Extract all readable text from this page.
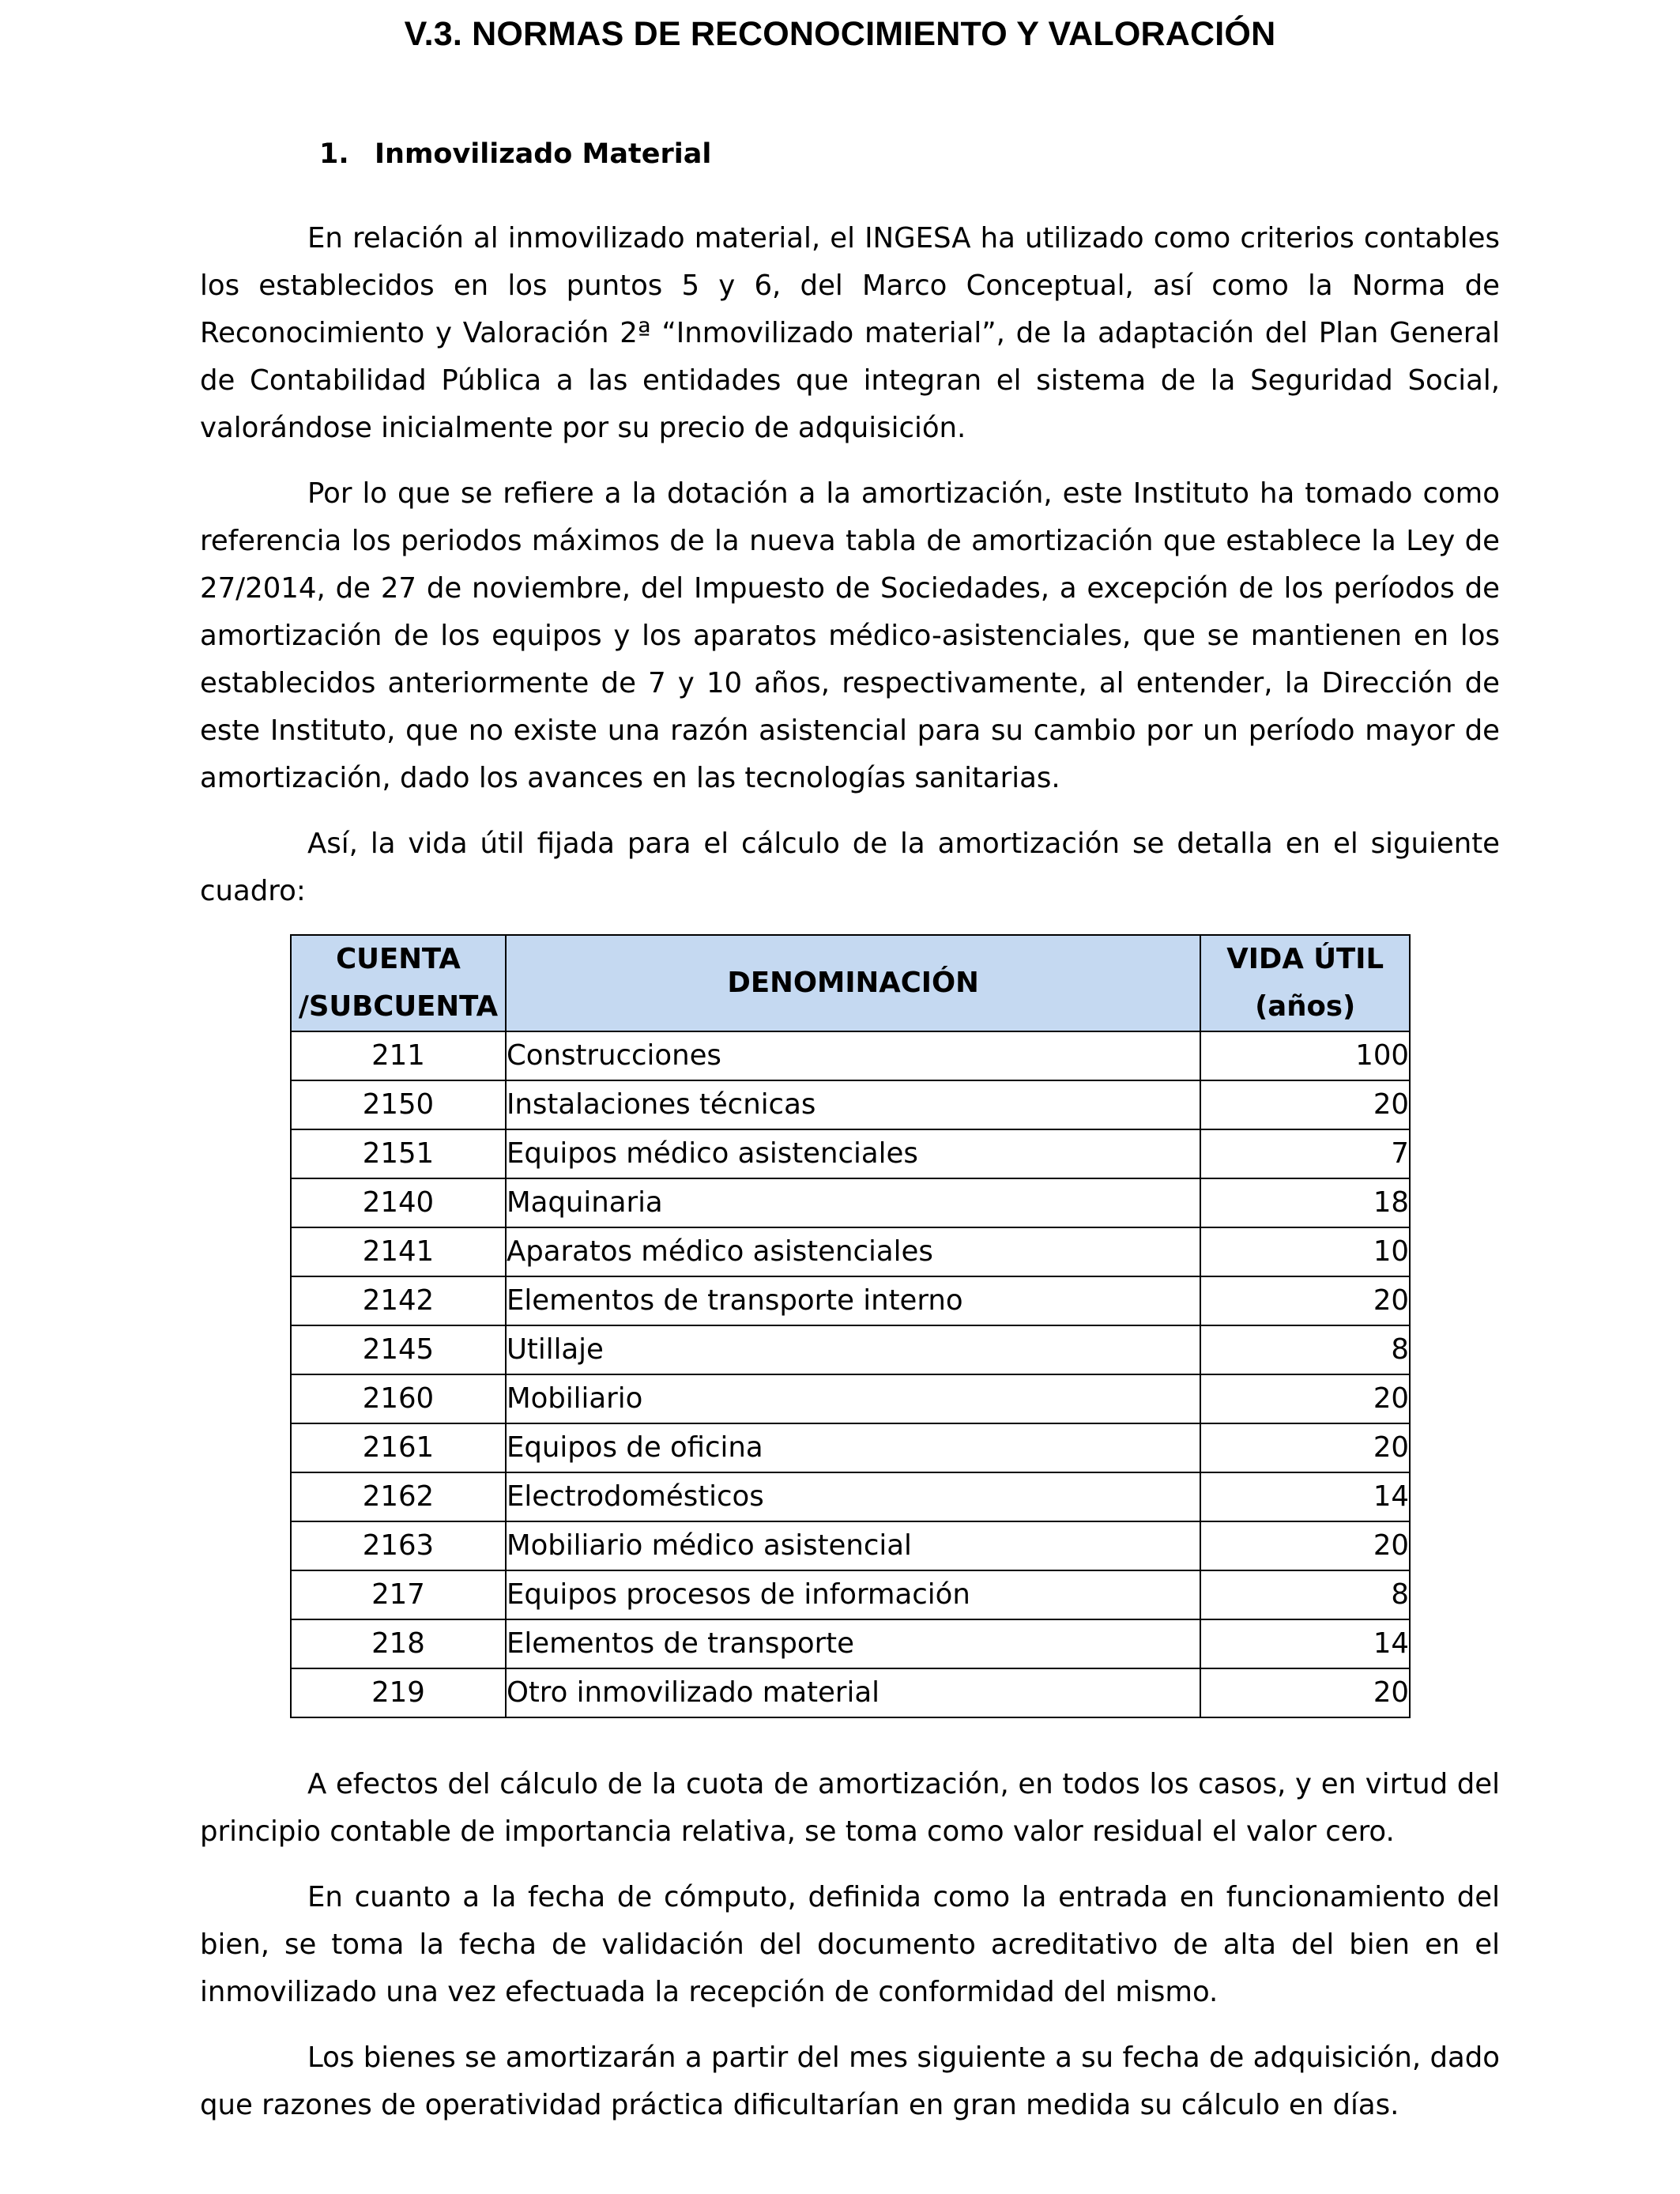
V.3. NORMAS DE RECONOCIMIENTO Y VALORACIÓN
1. Inmovilizado Material

En relación al inmovilizado material, el INGESA ha utilizado como criterios contables los establecidos en los puntos 5 y 6, del Marco Conceptual, así como la Norma de Reconocimiento y Valoración 2ª “Inmovilizado material”, de la adaptación del Plan General de Contabilidad Pública a las entidades que integran el sistema de la Seguridad Social, valorándose inicialmente por su precio de adquisición.

Por lo que se refiere a la dotación a la amortización, este Instituto ha tomado como referencia los periodos máximos de la nueva tabla de amortización que establece la Ley de 27/2014, de 27 de noviembre, del Impuesto de Sociedades, a excepción de los períodos de amortización de los equipos y los aparatos médico-asistenciales, que se mantienen en los establecidos anteriormente de 7 y 10 años, respectivamente, al entender, la Dirección de este Instituto, que no existe una razón asistencial para su cambio por un período mayor de amortización, dado los avances en las tecnologías sanitarias.

Así, la vida útil fijada para el cálculo de la amortización se detalla en el siguiente cuadro:

CUENTA
/SUBCUENTA	DENOMINACIÓN	VIDA ÚTIL
(años)
211	Construcciones	100
2150	Instalaciones técnicas	20
2151	Equipos médico asistenciales	7
2140	Maquinaria	18
2141	Aparatos médico asistenciales	10
2142	Elementos de transporte interno	20
2145	Utillaje	8
2160	Mobiliario	20
2161	Equipos de oficina	20
2162	Electrodomésticos	14
2163	Mobiliario médico asistencial	20
217	Equipos procesos de información	8
218	Elementos de transporte	14
219	Otro inmovilizado material	20

A efectos del cálculo de la cuota de amortización, en todos los casos, y en virtud del principio contable de importancia relativa, se toma como valor residual el valor cero.

En cuanto a la fecha de cómputo, definida como la entrada en funcionamiento del bien, se toma la fecha de validación del documento acreditativo de alta del bien en el inmovilizado una vez efectuada la recepción de conformidad del mismo.

Los bienes se amortizarán a partir del mes siguiente a su fecha de adquisición, dado que razones de operatividad práctica dificultarían en gran medida su cálculo en días.
